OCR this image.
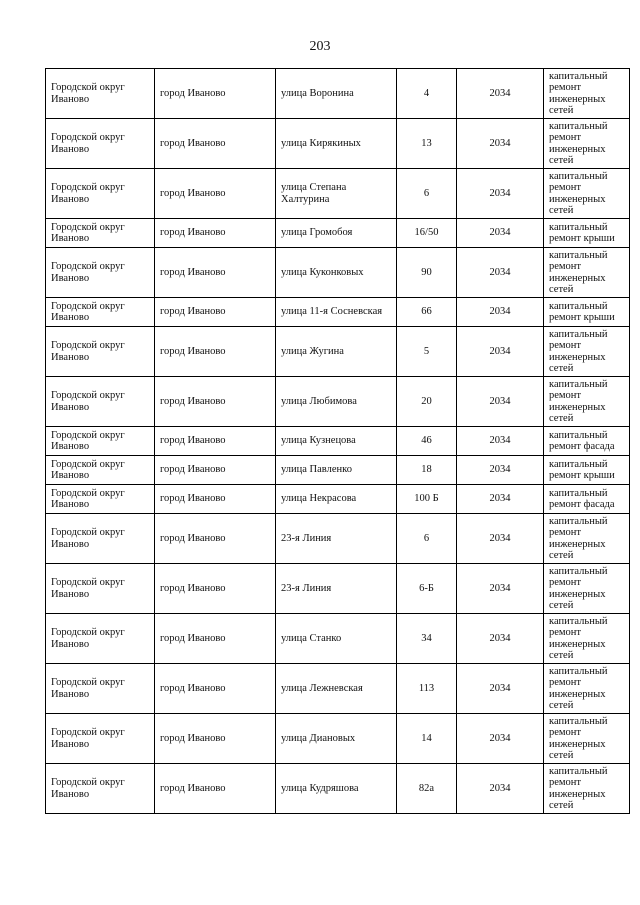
203
Городской округ Иваново	город Иваново	улица Воронина	4	2034	капитальный ремонт инженерных сетей
Городской округ Иваново	город Иваново	улица Кирякиных	13	2034	капитальный ремонт инженерных сетей
Городской округ Иваново	город Иваново	улица Степана Халтурина	6	2034	капитальный ремонт инженерных сетей
Городской округ Иваново	город Иваново	улица Громобоя	16/50	2034	капитальный ремонт крыши
Городской округ Иваново	город Иваново	улица Куконковых	90	2034	капитальный ремонт инженерных сетей
Городской округ Иваново	город Иваново	улица 11-я Сосневская	66	2034	капитальный ремонт крыши
Городской округ Иваново	город Иваново	улица Жугина	5	2034	капитальный ремонт инженерных сетей
Городской округ Иваново	город Иваново	улица Любимова	20	2034	капитальный ремонт инженерных сетей
Городской округ Иваново	город Иваново	улица Кузнецова	46	2034	капитальный ремонт фасада
Городской округ Иваново	город Иваново	улица Павленко	18	2034	капитальный ремонт крыши
Городской округ Иваново	город Иваново	улица Некрасова	100 Б	2034	капитальный ремонт фасада
Городской округ Иваново	город Иваново	23-я Линия	6	2034	капитальный ремонт инженерных сетей
Городской округ Иваново	город Иваново	23-я Линия	6-Б	2034	капитальный ремонт инженерных сетей
Городской округ Иваново	город Иваново	улица Станко	34	2034	капитальный ремонт инженерных сетей
Городской округ Иваново	город Иваново	улица Лежневская	113	2034	капитальный ремонт инженерных сетей
Городской округ Иваново	город Иваново	улица Диановых	14	2034	капитальный ремонт инженерных сетей
Городской округ Иваново	город Иваново	улица Кудряшова	82а	2034	капитальный ремонт инженерных сетей
